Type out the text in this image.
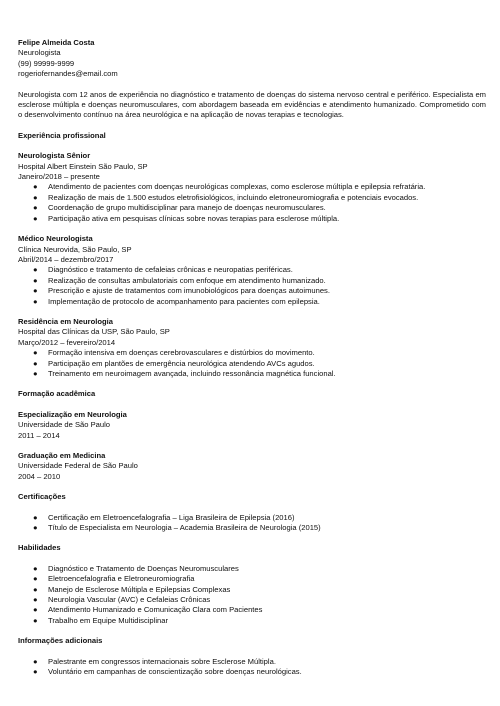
Felipe Almeida Costa

Neurologista

(99) 99999-9999

rogeriofernandes@email.com

Neurologista com 12 anos de experiência no diagnóstico e tratamento de doenças do sistema nervoso central e periférico. Especialista em esclerose múltipla e doenças neuromusculares, com abordagem baseada em evidências e atendimento humanizado. Comprometido com o desenvolvimento contínuo na área neurológica e na aplicação de novas terapias e tecnologias.

Experiência profissional

Neurologista Sênior

Hospital Albert Einstein São Paulo, SP

Janeiro/2018 – presente

● Atendimento de pacientes com doenças neurológicas complexas, como esclerose múltipla e epilepsia refratária.
● Realização de mais de 1.500 estudos eletrofisiológicos, incluindo eletroneuromiografia e potenciais evocados.
● Coordenação de grupo multidisciplinar para manejo de doenças neuromusculares.
● Participação ativa em pesquisas clínicas sobre novas terapias para esclerose múltipla.

Médico Neurologista

Clínica Neurovida, São Paulo, SP

Abril/2014 – dezembro/2017

● Diagnóstico e tratamento de cefaleias crônicas e neuropatias periféricas.
● Realização de consultas ambulatoriais com enfoque em atendimento humanizado.
● Prescrição e ajuste de tratamentos com imunobiológicos para doenças autoimunes.
● Implementação de protocolo de acompanhamento para pacientes com epilepsia.

Residência em Neurologia

Hospital das Clínicas da USP, São Paulo, SP

Março/2012 – fevereiro/2014

● Formação intensiva em doenças cerebrovasculares e distúrbios do movimento.
● Participação em plantões de emergência neurológica atendendo AVCs agudos.
● Treinamento em neuroimagem avançada, incluindo ressonância magnética funcional.

Formação acadêmica

Especialização em Neurologia

Universidade de São Paulo

2011 – 2014

Graduação em Medicina

Universidade Federal de São Paulo

2004 – 2010

Certificações

● Certificação em Eletroencefalografia – Liga Brasileira de Epilepsia (2016)
● Título de Especialista em Neurologia – Academia Brasileira de Neurologia (2015)

Habilidades

● Diagnóstico e Tratamento de Doenças Neuromusculares
● Eletroencefalografia e Eletroneuromiografia
● Manejo de Esclerose Múltipla e Epilepsias Complexas
● Neurologia Vascular (AVC) e Cefaleias Crônicas
● Atendimento Humanizado e Comunicação Clara com Pacientes
● Trabalho em Equipe Multidisciplinar

Informações adicionais

● Palestrante em congressos internacionais sobre Esclerose Múltipla.
● Voluntário em campanhas de conscientização sobre doenças neurológicas.
